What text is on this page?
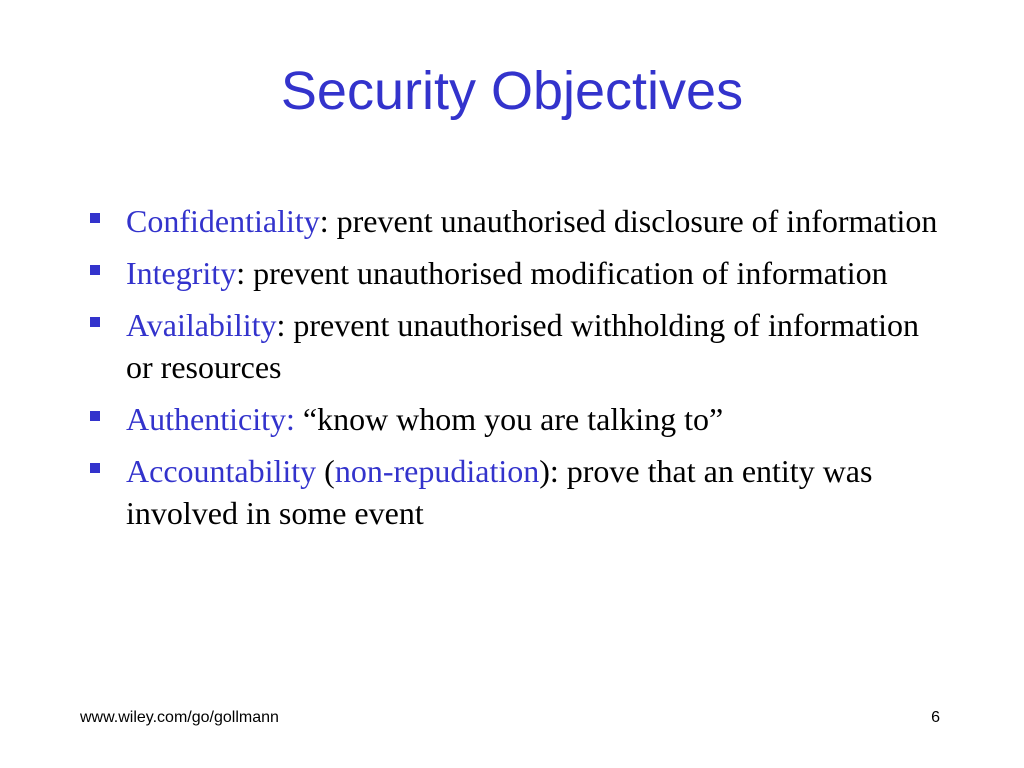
Security Objectives
Confidentiality: prevent unauthorised disclosure of information
Integrity: prevent unauthorised modification of information
Availability: prevent unauthorised withholding of information or resources
Authenticity: “know whom you are talking to”
Accountability (non-repudiation): prove that an entity was involved in some event
www.wiley.com/go/gollmann	6
